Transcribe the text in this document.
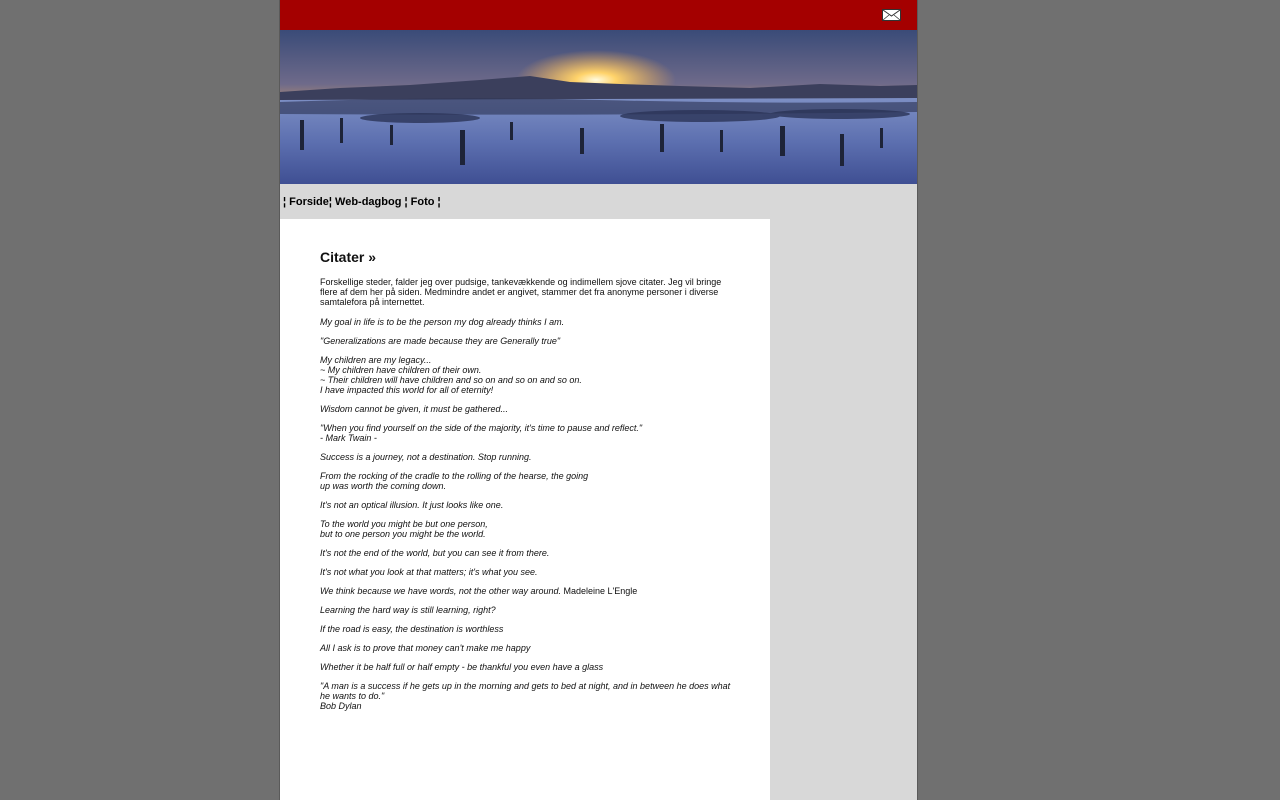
¦ Forside¦ Web-dagbog ¦ Foto ¦
Citater »

Forskellige steder, falder jeg over pudsige, tankevækkende og indimellem sjove citater. Jeg vil bringe flere af dem her på siden. Medmindre andet er angivet, stammer det fra anonyme personer i diverse samtalefora på internettet.

My goal in life is to be the person my dog already thinks I am.

"Generalizations are made because they are Generally true"

My children are my legacy...
~ My children have children of their own.
~ Their children will have children and so on and so on and so on.
I have impacted this world for all of eternity!

Wisdom cannot be given, it must be gathered...

"When you find yourself on the side of the majority, it's time to pause and reflect."
- Mark Twain -

Success is a journey, not a destination. Stop running.

From the rocking of the cradle to the rolling of the hearse, the going
up was worth the coming down.

It's not an optical illusion. It just looks like one.

To the world you might be but one person,
but to one person you might be the world.

It's not the end of the world, but you can see it from there.

It's not what you look at that matters; it's what you see.

We think because we have words, not the other way around. Madeleine L'Engle

Learning the hard way is still learning, right?

If the road is easy, the destination is worthless

All I ask is to prove that money can't make me happy

Whether it be half full or half empty - be thankful you even have a glass

"A man is a success if he gets up in the morning and gets to bed at night, and in between he does what he wants to do."
Bob Dylan
